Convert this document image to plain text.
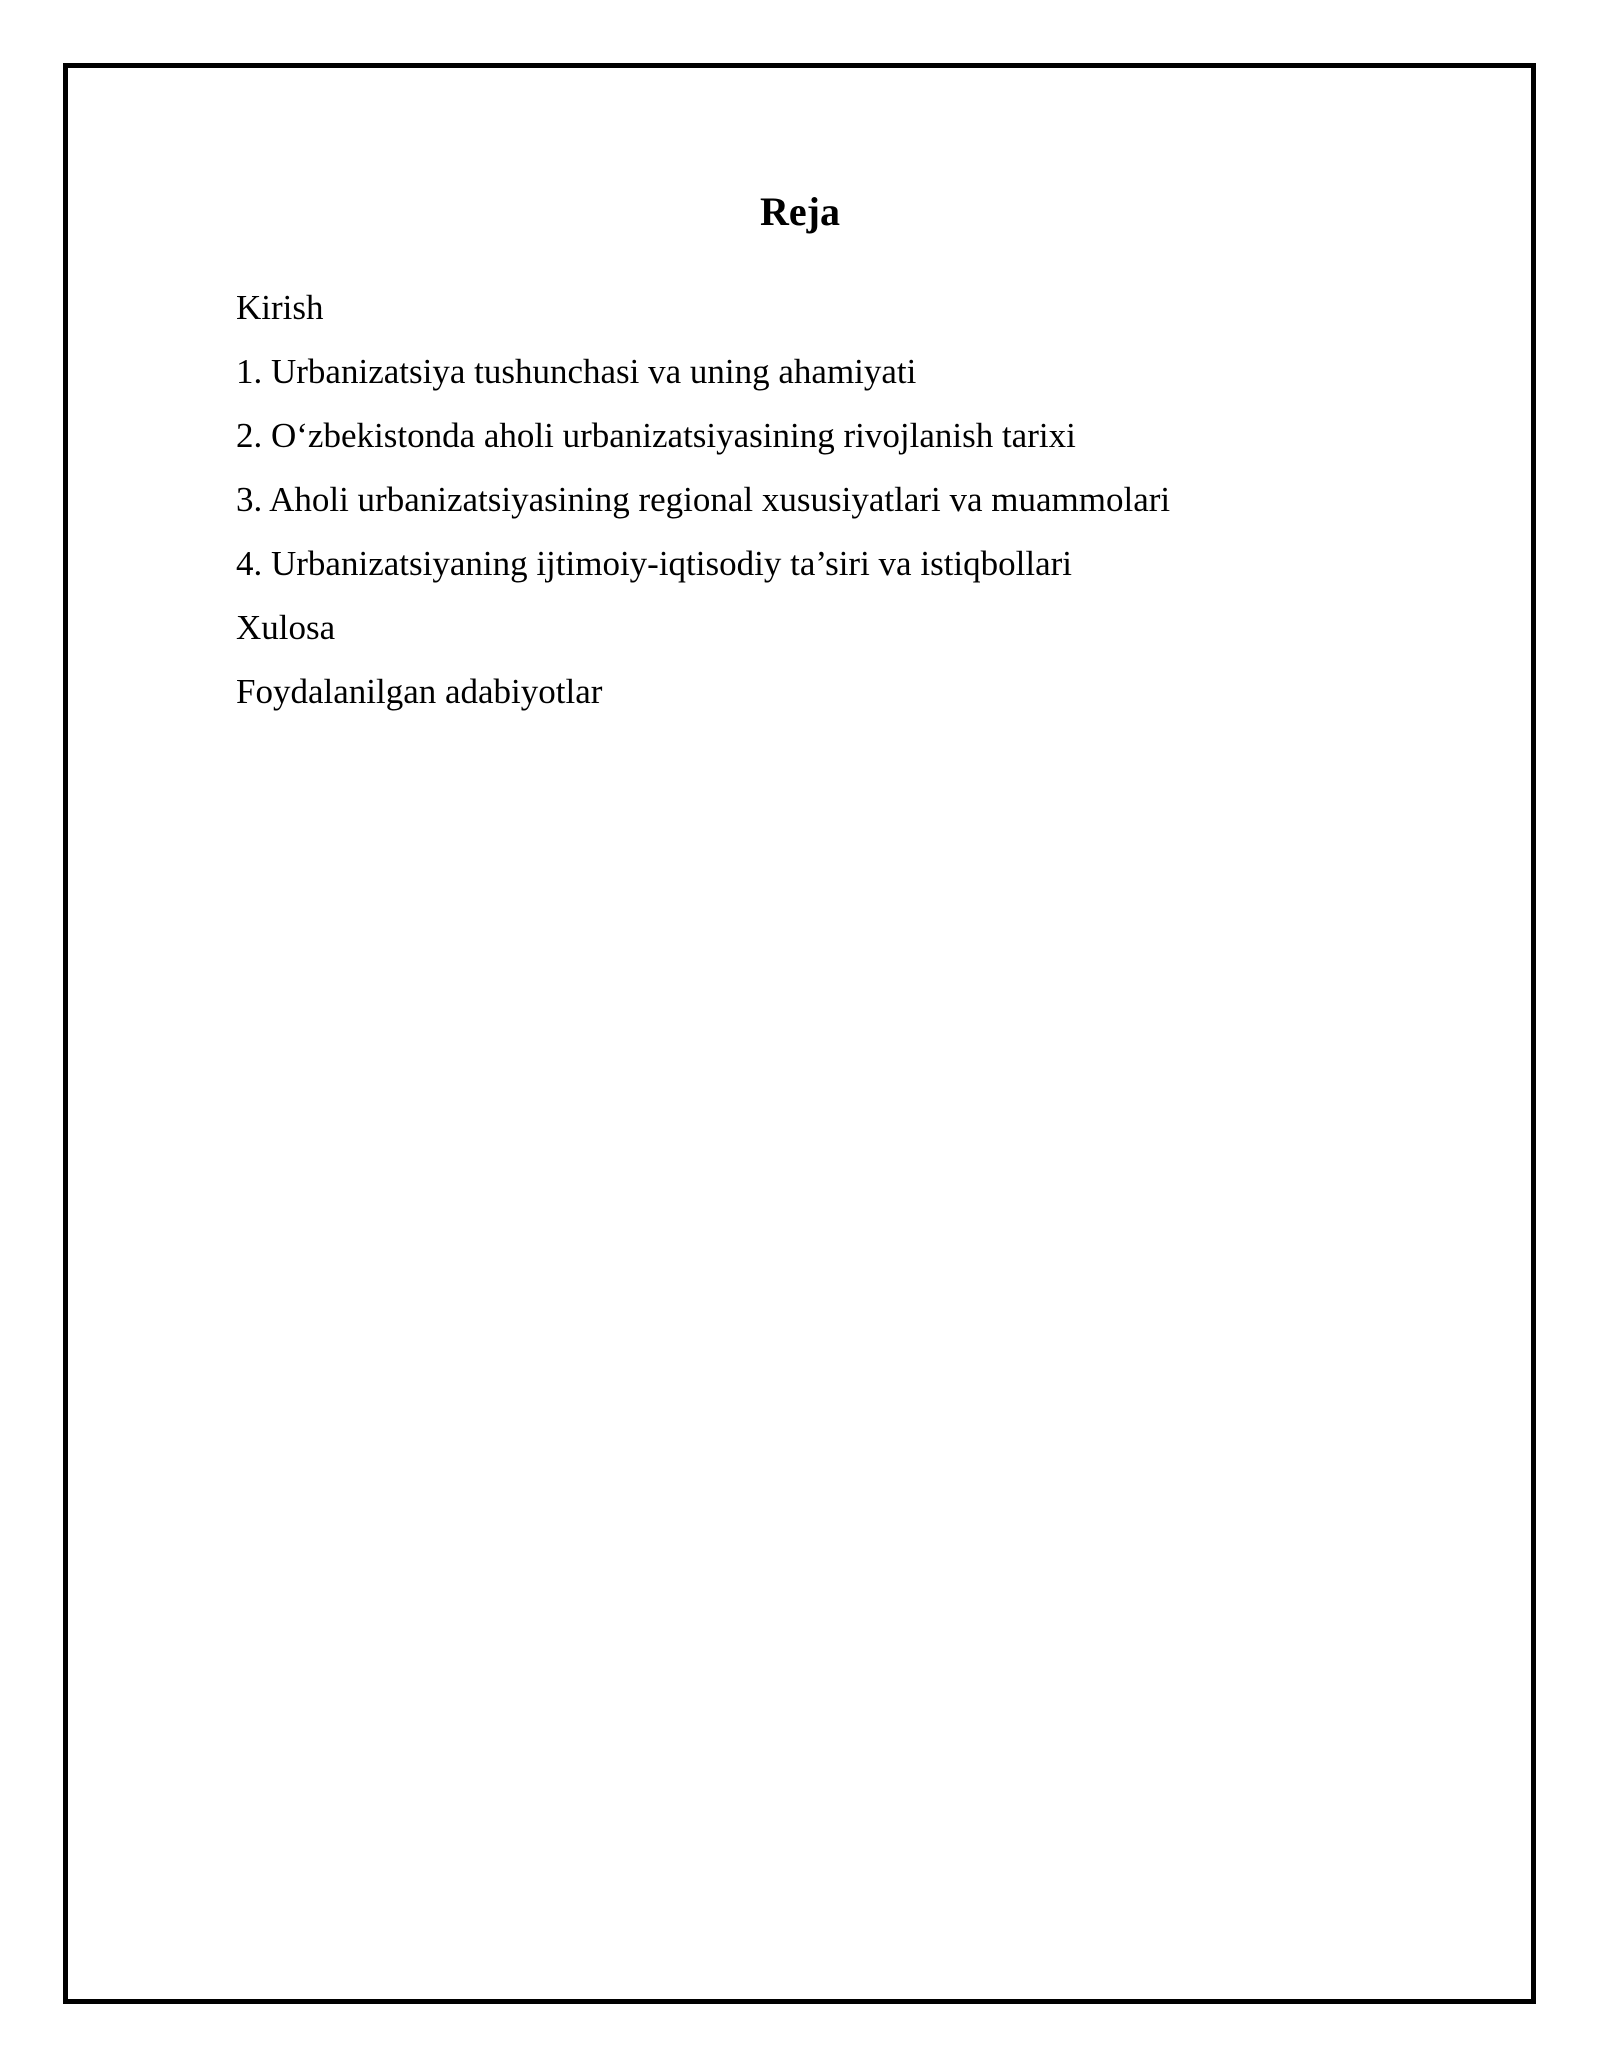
Reja
Kirish
1. Urbanizatsiya tushunchasi va uning ahamiyati
2. O‘zbekistonda aholi urbanizatsiyasining rivojlanish tarixi
3. Aholi urbanizatsiyasining regional xususiyatlari va muammolari
4. Urbanizatsiyaning ijtimoiy-iqtisodiy ta’siri va istiqbollari
Xulosa
Foydalanilgan adabiyotlar
